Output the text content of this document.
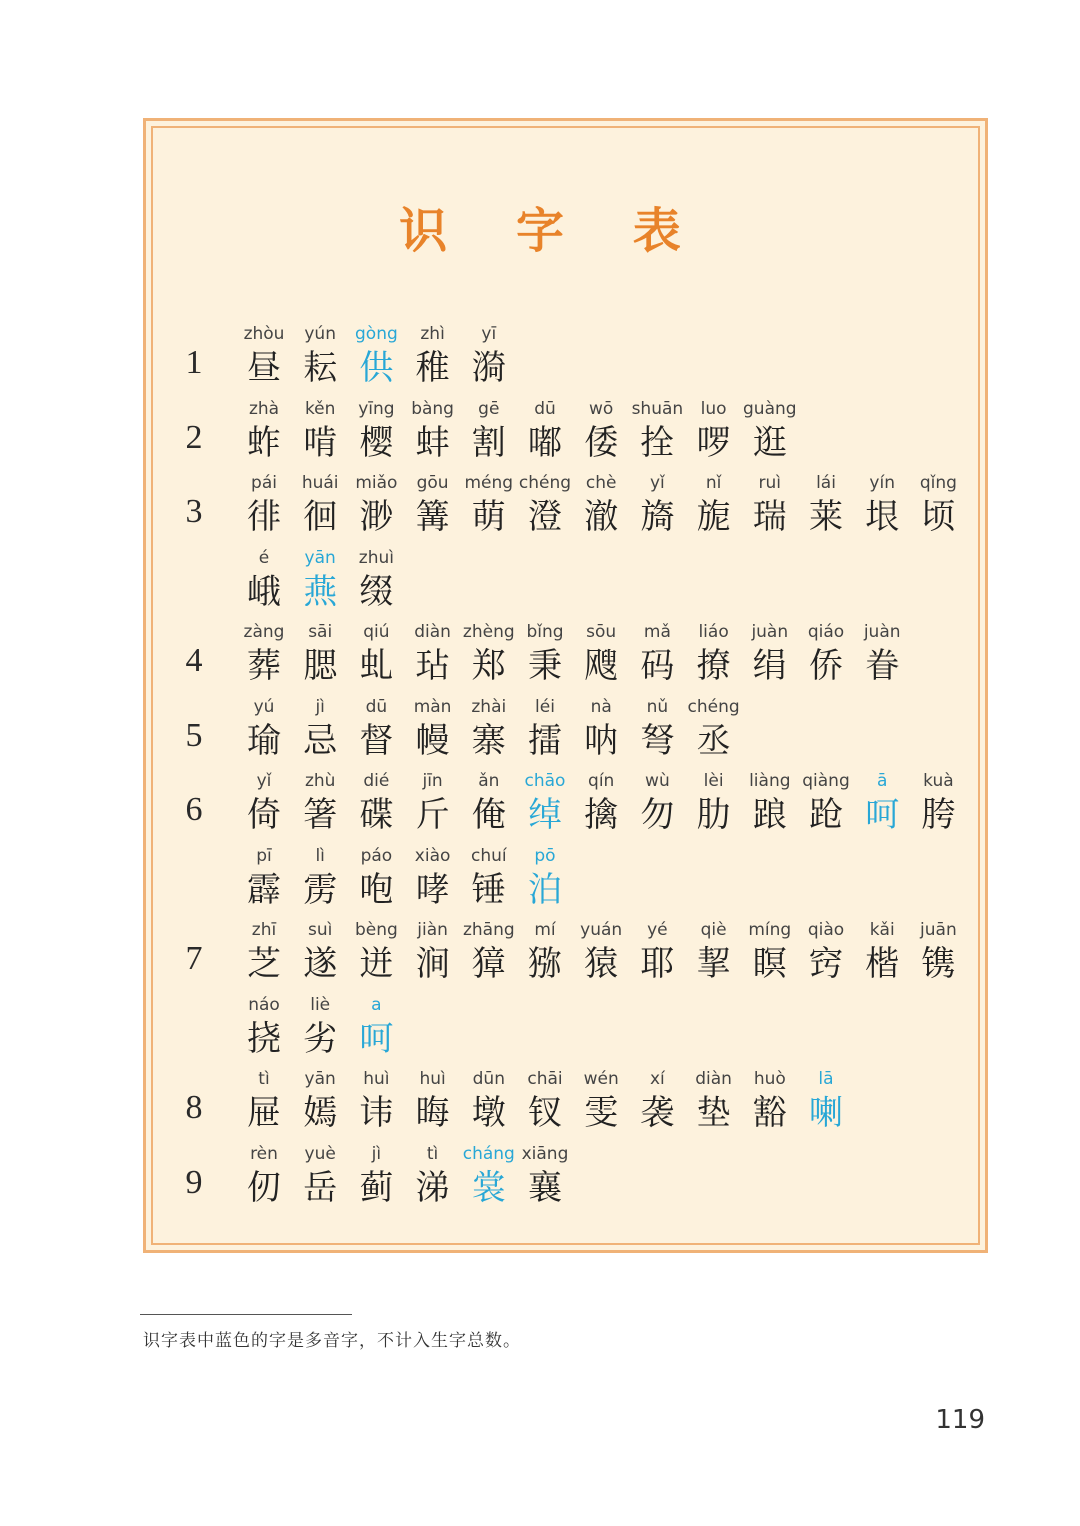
识 字 表
1
zhòu
昼
yún
耘
gòng
供
zhì
稚
yī
漪
2
zhà
蚱
kěn
啃
yīng
樱
bàng
蚌
gē
割
dū
嘟
wō
倭
shuān
拴
luo
啰
guàng
逛
3
pái
徘
huái
徊
miǎo
渺
gōu
篝
méng
萌
chéng
澄
chè
澈
yǐ
旖
nǐ
旎
ruì
瑞
lái
莱
yín
垠
qǐng
顷
é
峨
yān
燕
zhuì
缀
4
zàng
葬
sāi
腮
qiú
虬
diàn
玷
zhèng
郑
bǐng
秉
sōu
飕
mǎ
码
liáo
撩
juàn
绢
qiáo
侨
juàn
眷
5
yú
瑜
jì
忌
dū
督
màn
幔
zhài
寨
léi
擂
nà
呐
nǔ
弩
chéng
丞
6
yǐ
倚
zhù
箸
dié
碟
jīn
斤
ǎn
俺
chāo
绰
qín
擒
wù
勿
lèi
肋
liàng
踉
qiàng
跄
ā
呵
kuà
胯
pī
霹
lì
雳
páo
咆
xiào
哮
chuí
锤
pō
泊
7
zhī
芝
suì
遂
bèng
迸
jiàn
涧
zhāng
獐
mí
猕
yuán
猿
yé
耶
qiè
挈
míng
瞑
qiào
窍
kǎi
楷
juān
镌
náo
挠
liè
劣
a
呵
8
tì
屉
yān
嫣
huì
讳
huì
晦
dūn
墩
chāi
钗
wén
雯
xí
袭
diàn
垫
huò
豁
lā
喇
9
rèn
仞
yuè
岳
jì
蓟
tì
涕
cháng
裳
xiāng
襄
识字表中蓝色的字是多音字，不计入生字总数。
119
